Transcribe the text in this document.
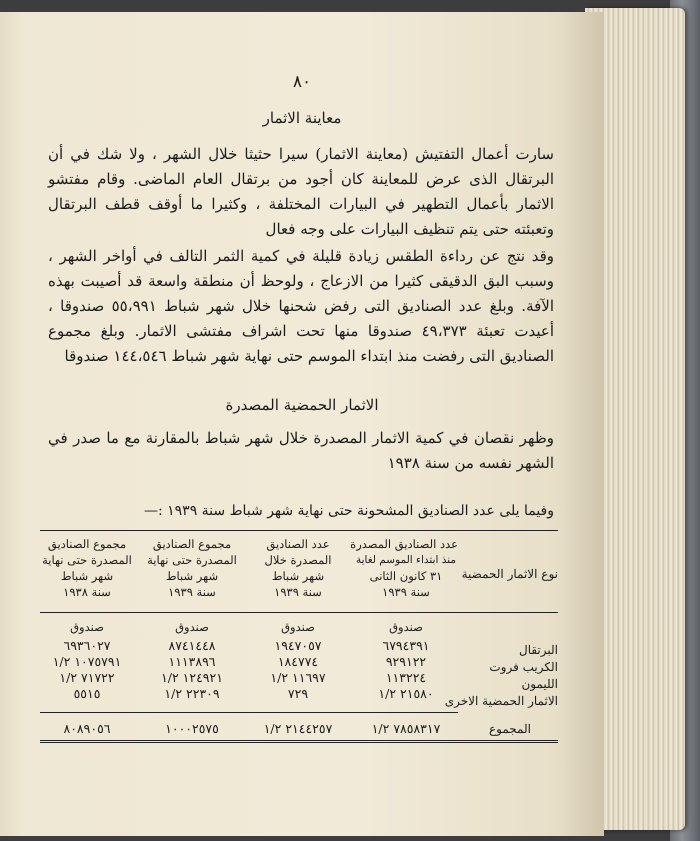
٨٠
معاينة الاثمار
سارت أعمال التفتيش (معاينة الاثمار) سيرا حثيثا خلال الشهر ، ولا شك في أن البرتقال الذى عرض للمعاينة كان أجود من برتقال العام الماضى. وقام مفتشو الاثمار بأعمال التطهير في البيارات المختلفة ، وكثيرا ما أوقف قطف البرتقال وتعبئته حتى يتم تنظيف البيارات على وجه فعال
وقد نتج عن رداءة الطقس زيادة قليلة في كمية الثمر التالف في أواخر الشهر ، وسبب البق الدقيقى كثيرا من الازعاج ، ولوحظ أن منطقة واسعة قد أصيبت بهذه الآفة. وبلغ عدد الصناديق التى رفض شحنها خلال شهر شباط ٥٥،٩٩١ صندوقا ، أعيدت تعبئة ٤٩،٣٧٣ صندوقا منها تحت اشراف مفتشى الاثمار. وبلغ مجموع الصناديق التى رفضت منذ ابتداء الموسم حتى نهاية شهر شباط ١٤٤،٥٤٦ صندوقا
الاثمار الحمضية المصدرة
وظهر نقصان في كمية الاثمار المصدرة خلال شهر شباط بالمقارنة مع ما صدر في الشهر نفسه من سنة ١٩٣٨
وفيما يلى عدد الصناديق المشحونة حتى نهاية شهر شباط سنة ١٩٣٩ :—
نوع الاثمار الحمضية
عدد الصناديق المصدرة
منذ ابتداء الموسم لغاية
٣١ كانون الثانى
سنة ١٩٣٩
عدد الصناديق
المصدرة خلال
شهر شباط
سنة ١٩٣٩
مجموع الصناديق
المصدرة حتى نهاية
شهر شباط
سنة ١٩٣٩
مجموع الصناديق
المصدرة حتى نهاية
شهر شباط
سنة ١٩٣٨
صندوق
صندوق
صندوق
صندوق
البرتقال
الكريب فروت
الليمون
الاثمار الحمضية الاخرى
٦٧٩٤٣٩١
٩٢٩١٢٢
١١٣٢٢٤
٢١٥٨٠ ١/٢
١٩٤٧٠٥٧
١٨٤٧٧٤
١١٦٩٧ ١/٢
٧٢٩
٨٧٤١٤٤٨
١١١٣٨٩٦
١٢٤٩٢١ ١/٢
٢٢٣٠٩ ١/٢
٦٩٣٦٠٢٧
١٠٧٥٧٩١ ١/٢
٧١٧٢٢ ١/٢
٥٥١٥
المجموع
٧٨٥٨٣١٧ ١/٢
٢١٤٤٢٥٧ ١/٢
١٠٠٠٢٥٧٥
٨٠٨٩٠٥٦
